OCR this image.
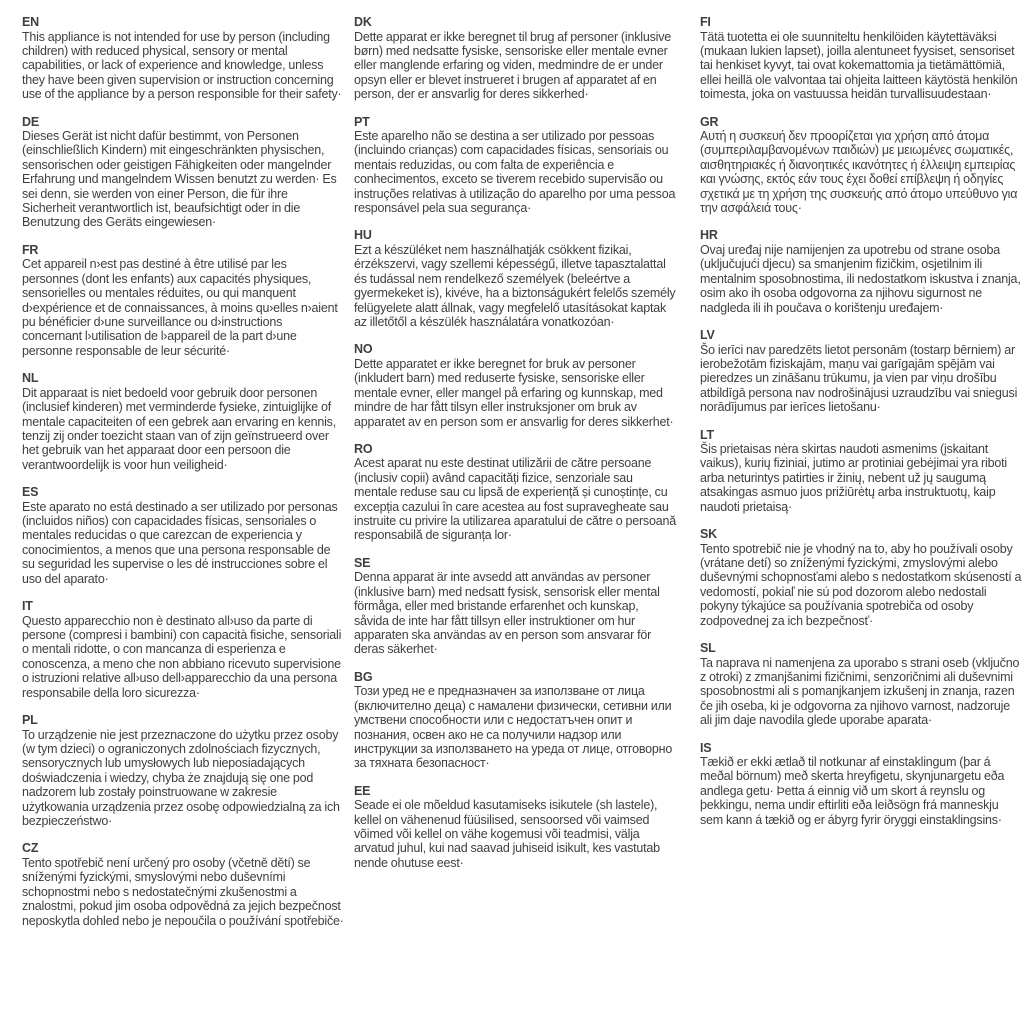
EN

This appliance is not intended for use by person (including children) with reduced physical, sensory or mental capabilities, or lack of experience and knowledge, unless they have been given supervision or instruction concerning use of the appliance by a person responsible for their safety·

DE

Dieses Gerät ist nicht dafür bestimmt, von Personen (einschließlich Kindern) mit eingeschränkten physischen, sensorischen oder geistigen Fähigkeiten oder mangelnder Erfahrung und mangelndem Wissen benutzt zu werden· Es sei denn, sie werden von einer Person, die für ihre Sicherheit verantwortlich ist, beaufsichtigt oder in die Benutzung des Geräts eingewiesen·

FR

Cet appareil n›est pas destiné à être utilisé par les personnes (dont les enfants) aux capacités physiques, sensorielles ou mentales réduites, ou qui manquent d›expérience et de connaissances, à moins qu›elles n›aient pu bénéficier d›une surveillance ou d›instructions concernant l›utilisation de l›appareil de la part d›une personne responsable de leur sécurité·

NL

Dit apparaat is niet bedoeld voor gebruik door personen (inclusief kinderen) met verminderde fysieke, zintuiglijke of mentale capaciteiten of een gebrek aan ervaring en kennis, tenzij zij onder toezicht staan van of zijn geïnstrueerd over het gebruik van het apparaat door een persoon die verantwoordelijk is voor hun veiligheid·

ES

Este aparato no está destinado a ser utilizado por personas (incluidos niños) con capacidades físicas, sensoriales o mentales reducidas o que carezcan de experiencia y conocimientos, a menos que una persona responsable de su seguridad les supervise o les dé instrucciones sobre el uso del aparato·

IT

Questo apparecchio non è destinato all›uso da parte di persone (compresi i bambini) con capacità fisiche, sensoriali o mentali ridotte, o con mancanza di esperienza e conoscenza, a meno che non abbiano ricevuto supervisione o istruzioni relative all›uso dell›apparecchio da una persona responsabile della loro sicurezza·

PL

To urządzenie nie jest przeznaczone do użytku przez osoby (w tym dzieci) o ograniczonych zdolnościach fizycznych, sensorycznych lub umysłowych lub nieposiadających doświadczenia i wiedzy, chyba że znajdują się one pod nadzorem lub zostały poinstruowane w zakresie użytkowania urządzenia przez osobę odpowiedzialną za ich bezpieczeństwo·

CZ

Tento spotřebič není určený pro osoby (včetně dětí) se sníženými fyzickými, smyslovými nebo duševními schopnostmi nebo s nedostatečnými zkušenostmi a znalostmi, pokud jim osoba odpovědná za jejich bezpečnost neposkytla dohled nebo je nepoučila o používání spotřebiče·

DK

Dette apparat er ikke beregnet til brug af personer (inklusive børn) med nedsatte fysiske, sensoriske eller mentale evner eller manglende erfaring og viden, medmindre de er under opsyn eller er blevet instrueret i brugen af apparatet af en person, der er ansvarlig for deres sikkerhed·

PT

Este aparelho não se destina a ser utilizado por pessoas (incluindo crianças) com capacidades físicas, sensoriais ou mentais reduzidas, ou com falta de experiência e conhecimentos, exceto se tiverem recebido supervisão ou instruções relativas à utilização do aparelho por uma pessoa responsável pela sua segurança·

HU

Ezt a készüléket nem használhatják csökkent fizikai, érzékszervi, vagy szellemi képességű, illetve tapasztalattal és tudással nem rendelkező személyek (beleértve a gyermekeket is), kivéve, ha a biztonságukért felelős személy felügyelete alatt állnak, vagy megfelelő utasításokat kaptak az illetőtől a készülék használatára vonatkozóan·

NO

Dette apparatet er ikke beregnet for bruk av personer (inkludert barn) med reduserte fysiske, sensoriske eller mentale evner, eller mangel på erfaring og kunnskap, med mindre de har fått tilsyn eller instruksjoner om bruk av apparatet av en person som er ansvarlig for deres sikkerhet·

RO

Acest aparat nu este destinat utilizării de către persoane (inclusiv copii) având capacități fizice, senzoriale sau mentale reduse sau cu lipsă de experiență și cunoștințe, cu excepția cazului în care acestea au fost supravegheate sau instruite cu privire la utilizarea aparatului de către o persoană responsabilă de siguranța lor·

SE

Denna apparat är inte avsedd att användas av personer (inklusive barn) med nedsatt fysisk, sensorisk eller mental förmåga, eller med bristande erfarenhet och kunskap, såvida de inte har fått tillsyn eller instruktioner om hur apparaten ska användas av en person som ansvarar för deras säkerhet·

BG

Този уред не е предназначен за използване от лица (включително деца) с намалени физически, сетивни или умствени способности или с недостатъчен опит и познания, освен ако не са получили надзор или инструкции за използването на уреда от лице, отговорно за тяхната безопасност·

EE

Seade ei ole mõeldud kasutamiseks isikutele (sh lastele), kellel on vähenenud füüsilised, sensoorsed või vaimsed võimed või kellel on vähe kogemusi või teadmisi, välja arvatud juhul, kui nad saavad juhiseid isikult, kes vastutab nende ohutuse eest·

FI

Tätä tuotetta ei ole suunniteltu henkilöiden käytettäväksi (mukaan lukien lapset), joilla alentuneet fyysiset, sensoriset tai henkiset kyvyt, tai ovat kokemattomia ja tietämättömiä, ellei heillä ole valvontaa tai ohjeita laitteen käytöstä henkilön toimesta, joka on vastuussa heidän turvallisuudestaan·

GR

Αυτή η συσκευή δεν προορίζεται για χρήση από άτομα (συμπεριλαμβανομένων παιδιών) με μειωμένες σωματικές, αισθητηριακές ή διανοητικές ικανότητες ή έλλειψη εμπειρίας και γνώσης, εκτός εάν τους έχει δοθεί επίβλεψη ή οδηγίες σχετικά με τη χρήση της συσκευής από άτομο υπεύθυνο για την ασφάλειά τους·

HR

Ovaj uređaj nije namijenjen za upotrebu od strane osoba (uključujući djecu) sa smanjenim fizičkim, osjetilnim ili mentalnim sposobnostima, ili nedostatkom iskustva i znanja, osim ako ih osoba odgovorna za njihovu sigurnost ne nadgleda ili ih poučava o korištenju uređajem·

LV

Šo ierīci nav paredzēts lietot personām (tostarp bērniem) ar ierobežotām fiziskajām, maņu vai garīgajām spējām vai pieredzes un zināšanu trūkumu, ja vien par viņu drošību atbildīgā persona nav nodrošinājusi uzraudzību vai sniegusi norādījumus par ierīces lietošanu·

LT

Šis prietaisas nėra skirtas naudoti asmenims (įskaitant vaikus), kurių fiziniai, jutimo ar protiniai gebėjimai yra riboti arba neturintys patirties ir žinių, nebent už jų saugumą atsakingas asmuo juos prižiūrėtų arba instruktuotų, kaip naudoti prietaisą·

SK

Tento spotrebič nie je vhodný na to, aby ho používali osoby (vrátane detí) so zníženými fyzickými, zmyslovými alebo duševnými schopnosťami alebo s nedostatkom skúseností a vedomostí, pokiaľ nie sú pod dozorom alebo nedostali pokyny týkajúce sa používania spotrebiča od osoby zodpovednej za ich bezpečnosť·

SL

Ta naprava ni namenjena za uporabo s strani oseb (vključno z otroki) z zmanjšanimi fizičnimi, senzoričnimi ali duševnimi sposobnostmi ali s pomanjkanjem izkušenj in znanja, razen če jih oseba, ki je odgovorna za njihovo varnost, nadzoruje ali jim daje navodila glede uporabe aparata·

IS

Tækið er ekki ætlað til notkunar af einstaklingum (þar á meðal börnum) með skerta hreyfigetu, skynjunargetu eða andlega getu· Þetta á einnig við um skort á reynslu og þekkingu, nema undir eftirliti eða leiðsögn frá manneskju sem kann á tækið og er ábyrg fyrir öryggi einstaklingsins·
